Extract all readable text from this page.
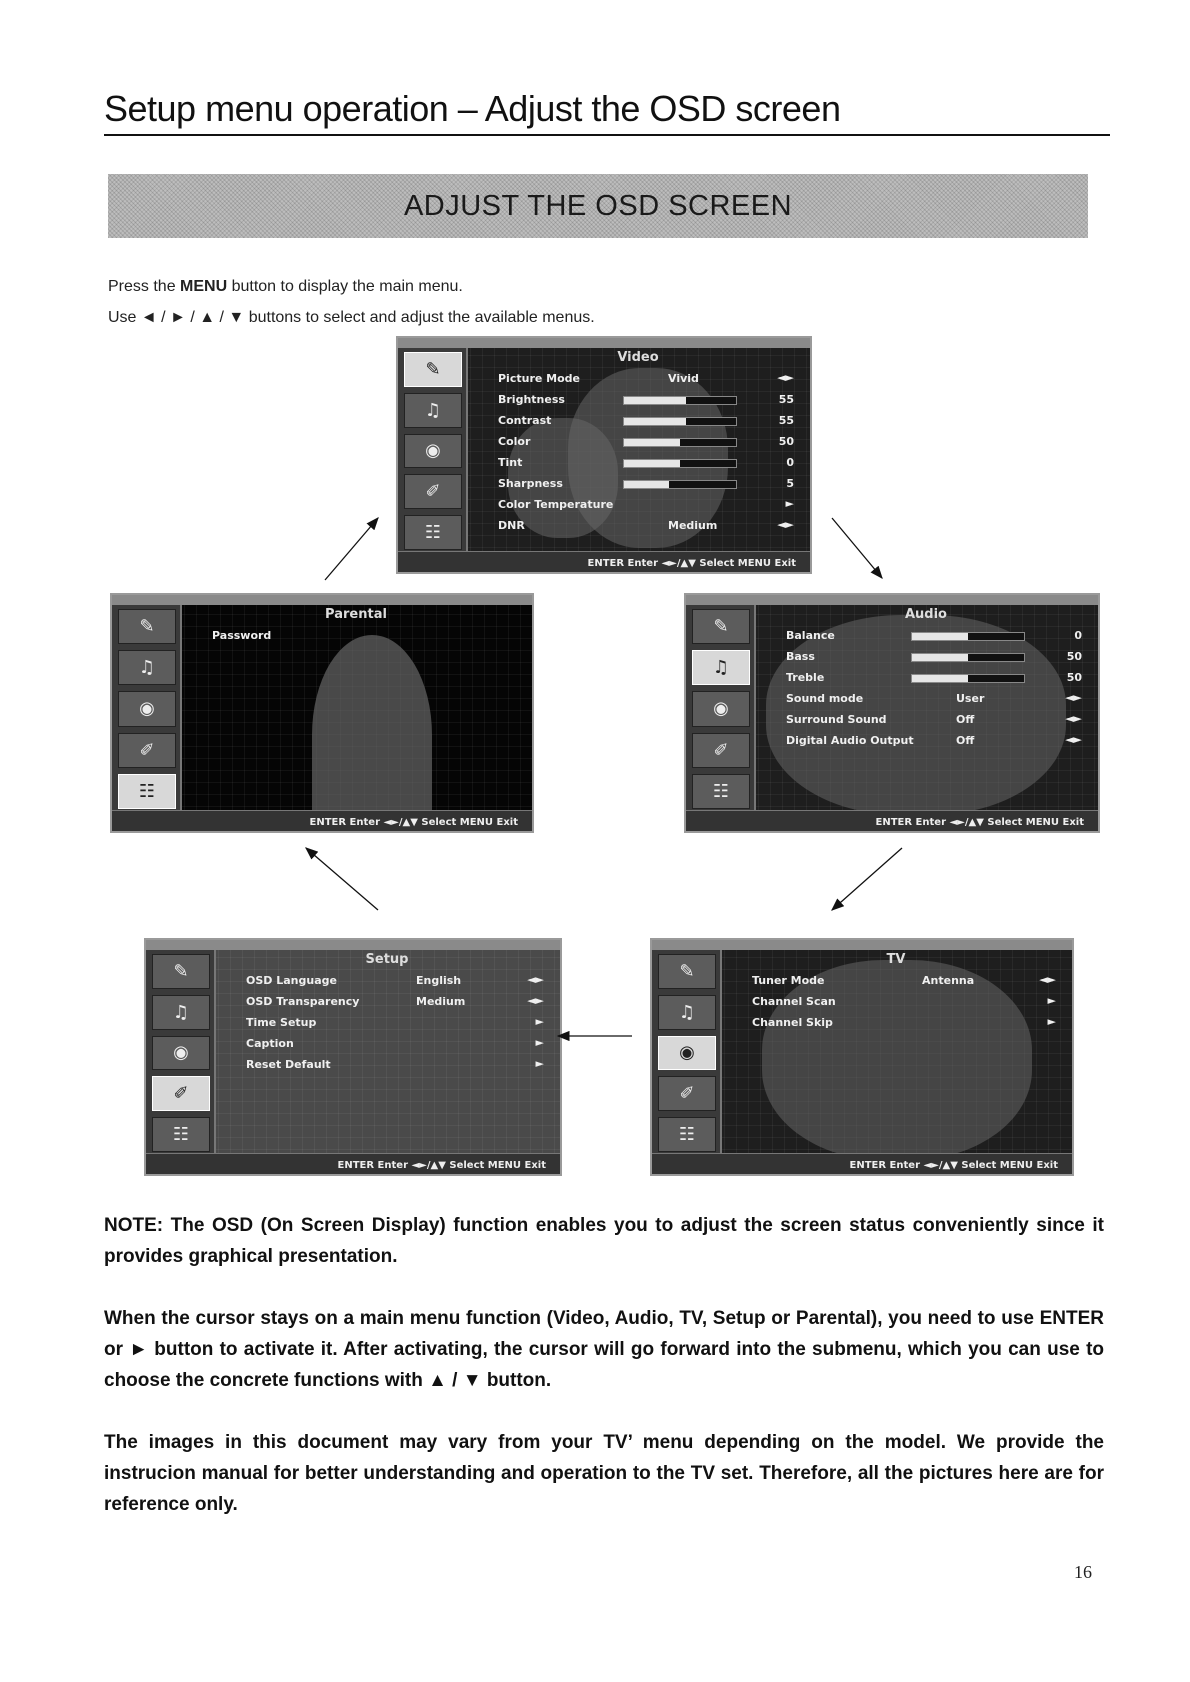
Setup menu operation – Adjust the OSD screen
ADJUST THE OSD SCREEN
Press the MENU button to display the main menu.
Use ◄ / ► / ▲ / ▼ buttons to select and adjust the available menus.
✎
♫
◉
✐
☷
Video
Picture Mode	Vivid	◄►
Brightness	55
Contrast	55
Color	50
Tint	0
Sharpness	5
Color Temperature	►
DNR	Medium	◄►
ENTER Enter ◄►/▲▼ Select MENU Exit
✎
♫
◉
✐
☷
Parental
Password
ENTER Enter ◄►/▲▼ Select MENU Exit
✎
♫
◉
✐
☷
Audio
Balance	0
Bass	50
Treble	50
Sound mode	User	◄►
Surround Sound	Off	◄►
Digital Audio Output	Off	◄►
ENTER Enter ◄►/▲▼ Select MENU Exit
✎
♫
◉
✐
☷
Setup
OSD Language	English	◄►
OSD Transparency	Medium	◄►
Time Setup	►
Caption	►
Reset Default	►
ENTER Enter ◄►/▲▼ Select MENU Exit
✎
♫
◉
✐
☷
TV
Tuner Mode	Antenna	◄►
Channel Scan	►
Channel Skip	►
ENTER Enter ◄►/▲▼ Select MENU Exit
NOTE: The OSD (On Screen Display) function enables you to adjust the screen status conveniently since it provides graphical presentation.
When the cursor stays on a main menu function (Video, Audio, TV, Setup or Parental), you need to use ENTER or ► button to activate it. After activating, the cursor will go forward into the submenu, which you can use to choose the concrete functions with ▲ / ▼ button.
The images in this document may vary from your TV’ menu depending on the model. We provide the instrucion manual for better understanding and operation to the TV set. Therefore, all the pictures here are for reference only.
16
